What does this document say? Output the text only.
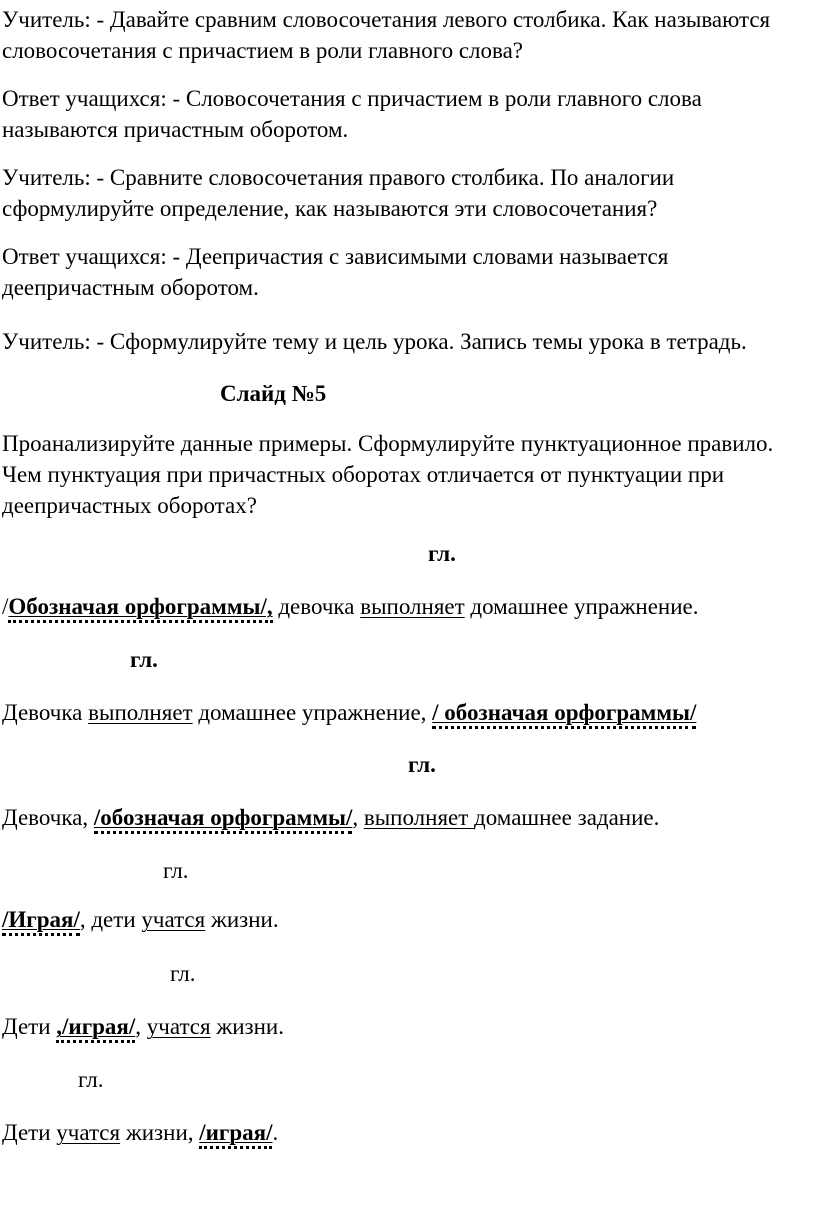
Учитель: - Давайте сравним словосочетания левого столбика. Как называются словосочетания с причастием в роли главного слова?

Ответ учащихся: - Словосочетания с причастием в роли главного слова называются причастным оборотом.

Учитель: - Сравните словосочетания правого столбика. По аналогии сформулируйте определение, как называются эти словосочетания?

Ответ учащихся: - Деепричастия с зависимыми словами называется деепричастным оборотом.

Учитель: - Сформулируйте тему и цель урока. Запись темы урока в тетрадь.

Слайд №5

Проанализируйте данные примеры. Сформулируйте пунктуационное правило. Чем пунктуация при причастных оборотах отличается от пунктуации при деепричастных оборотах?

гл.
/Обозначая орфограммы/, девочка выполняет домашнее упражнение.
гл.
Девочка выполняет домашнее упражнение, / обозначая орфограммы/
гл.
Девочка, /обозначая орфограммы/, выполняет домашнее задание.
гл.
/Играя/, дети учатся жизни.
гл.
Дети ,/играя/, учатся жизни.
гл.
Дети учатся жизни, /играя/.
